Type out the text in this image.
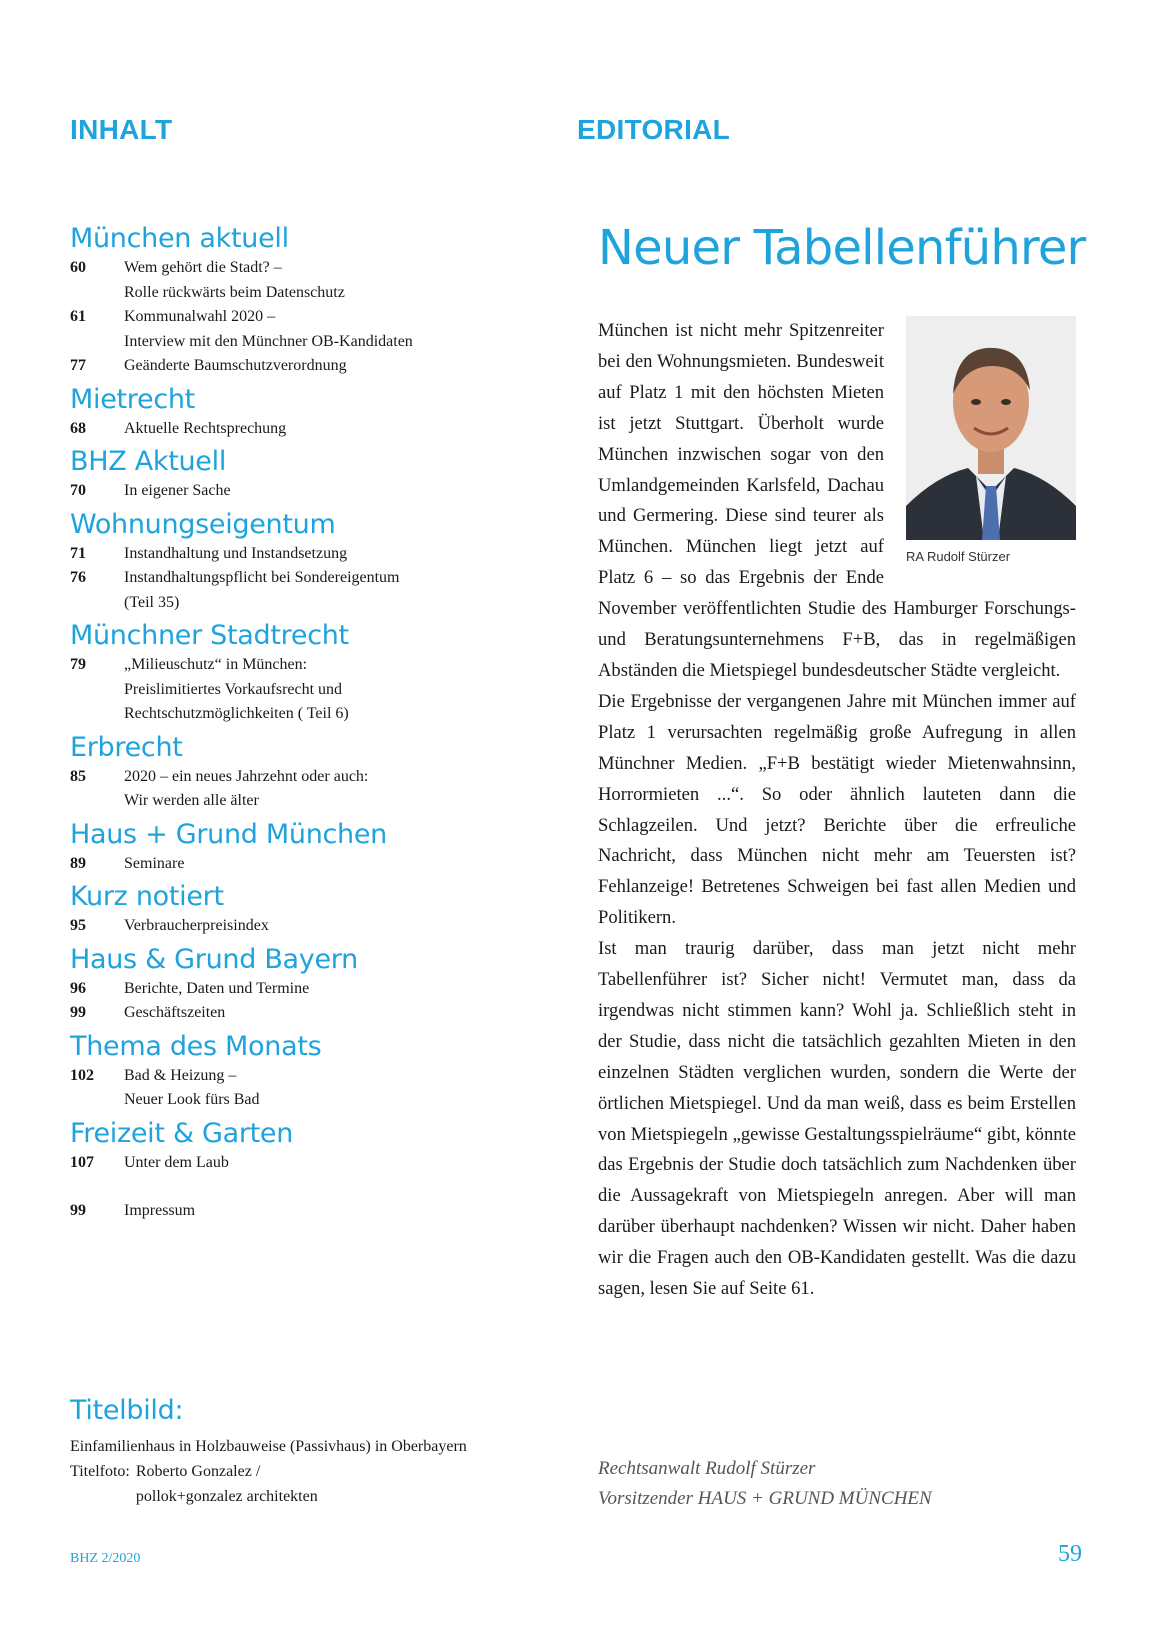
INHALT	EDITORIAL
München aktuell
60	Wem gehört die Stadt? –
Rolle rückwärts beim Datenschutz
61	Kommunalwahl 2020 –
Interview mit den Münchner OB-Kandidaten
77	Geänderte Baumschutzverordnung
Mietrecht
68	Aktuelle Rechtsprechung
BHZ Aktuell
70	In eigener Sache
Wohnungseigentum
71	Instandhaltung und Instandsetzung
76	Instandhaltungspflicht bei Sondereigentum
(Teil 35)
Münchner Stadtrecht
79	„Milieuschutz“ in München:
Preislimitiertes Vorkaufsrecht und
Rechtschutzmöglichkeiten ( Teil 6)
Erbrecht
85	2020 – ein neues Jahrzehnt oder auch:
Wir werden alle älter
Haus + Grund München
89	Seminare
Kurz notiert
95	Verbraucherpreisindex
Haus & Grund Bayern
96	Berichte, Daten und Termine
99	Geschäftszeiten
Thema des Monats
102	Bad & Heizung –
Neuer Look fürs Bad
Freizeit & Garten
107	Unter dem Laub
99	Impressum
Titelbild:
Einfamilienhaus in Holzbauweise (Passivhaus) in Oberbayern
Titelfoto: Roberto Gonzalez /
pollok+gonzalez architekten
Neuer Tabellenführer
RA Rudolf Stürzer

München ist nicht mehr Spitzenreiter bei den Wohnungsmieten. Bundesweit auf Platz 1 mit den höchsten Mieten ist jetzt Stuttgart. Überholt wurde München inzwischen sogar von den Umlandgemeinden Karlsfeld, Dachau und Germering. Diese sind teurer als München. München liegt jetzt auf Platz 6 – so das Ergebnis der Ende November veröffentlichten Studie des Hamburger Forschungs- und Beratungsunternehmens F+B, das in regelmäßigen Abständen die Mietspiegel bundesdeutscher Städte vergleicht.

Die Ergebnisse der vergangenen Jahre mit München immer auf Platz 1 verursachten regelmäßig große Aufregung in allen Münchner Medien. „F+B bestätigt wieder Mietenwahnsinn, Horrormieten ...“. So oder ähnlich lauteten dann die Schlagzeilen. Und jetzt? Berichte über die erfreuliche Nachricht, dass München nicht mehr am Teuersten ist? Fehlanzeige! Betretenes Schweigen bei fast allen Medien und Politikern.

Ist man traurig darüber, dass man jetzt nicht mehr Tabellenführer ist? Sicher nicht! Vermutet man, dass da irgendwas nicht stimmen kann? Wohl ja. Schließlich steht in der Studie, dass nicht die tatsächlich gezahlten Mieten in den einzelnen Städten verglichen wurden, sondern die Werte der örtlichen Mietspiegel. Und da man weiß, dass es beim Erstellen von Mietspiegeln „gewisse Gestaltungsspielräume“ gibt, könnte das Ergebnis der Studie doch tatsächlich zum Nachdenken über die Aussagekraft von Mietspiegeln anregen. Aber will man darüber überhaupt nachdenken? Wissen wir nicht. Daher haben wir die Fragen auch den OB-Kandidaten gestellt. Was die dazu sagen, lesen Sie auf Seite 61.

Rechtsanwalt Rudolf Stürzer
Vorsitzender HAUS + GRUND MÜNCHEN
BHZ 2/2020	59
